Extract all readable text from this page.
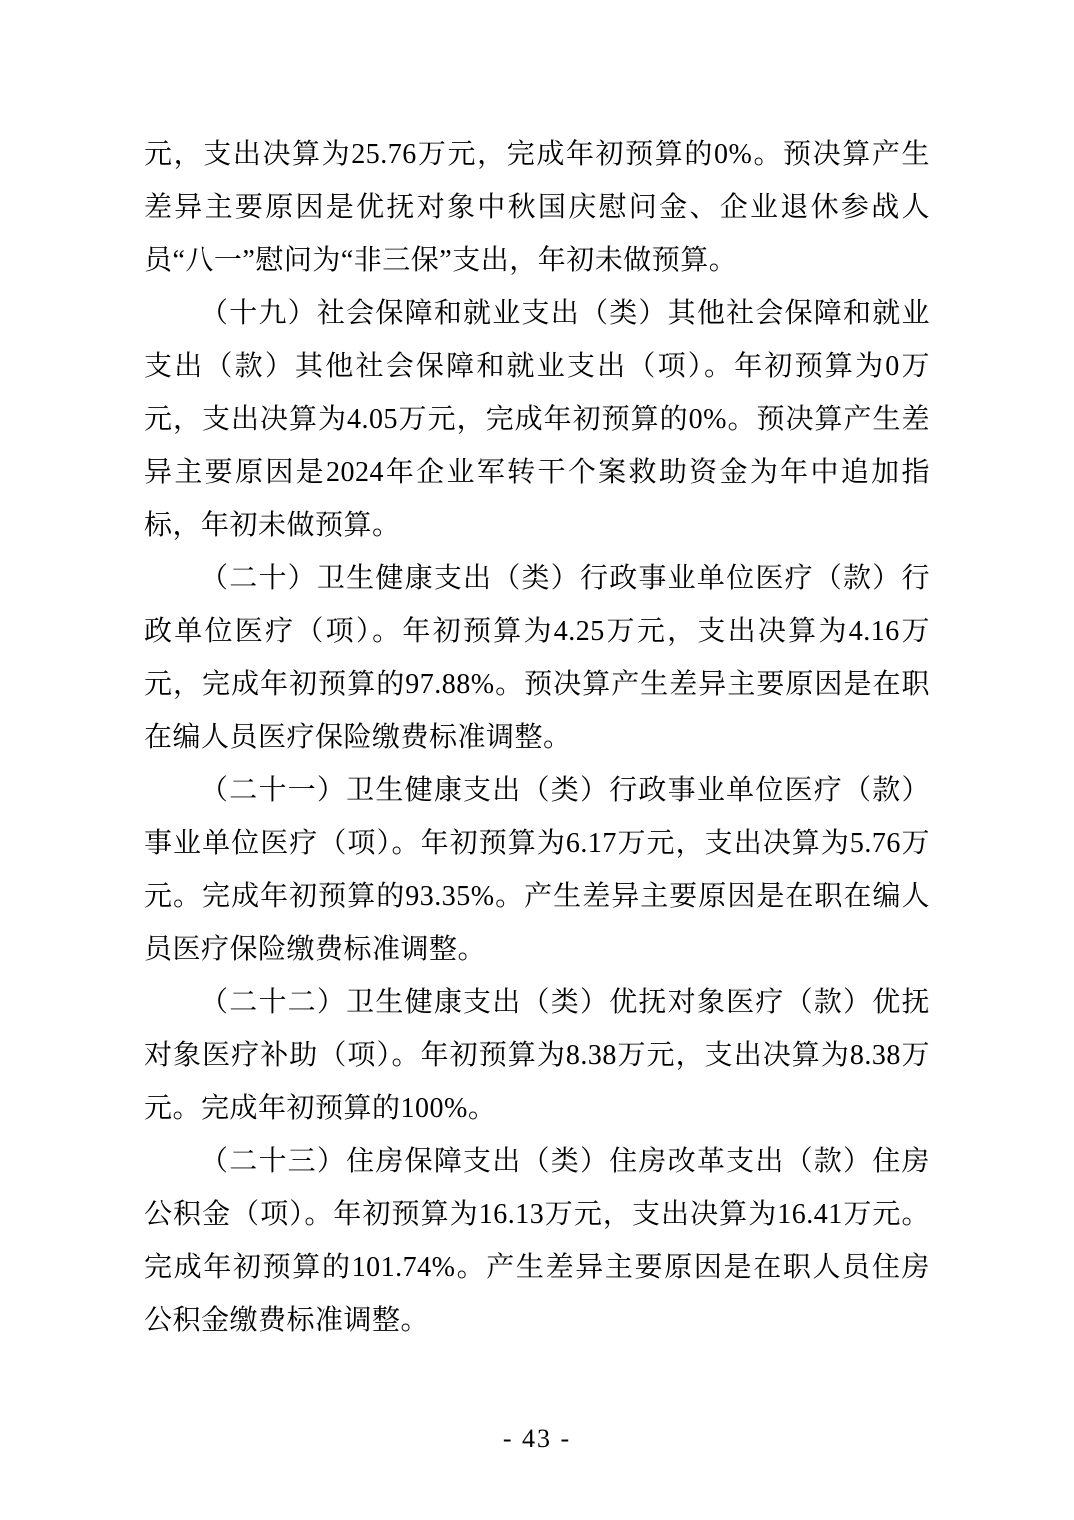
元，支出决算为25.76万元，完成年初预算的0%。预决算产生差异主要原因是优抚对象中秋国庆慰问金、企业退休参战人员“八一”慰问为“非三保”支出，年初未做预算。

（十九）社会保障和就业支出（类）其他社会保障和就业支出（款）其他社会保障和就业支出（项）。年初预算为0万元，支出决算为4.05万元，完成年初预算的0%。预决算产生差异主要原因是2024年企业军转干个案救助资金为年中追加指标，年初未做预算。

（二十）卫生健康支出（类）行政事业单位医疗（款）行政单位医疗（项）。年初预算为4.25万元，支出决算为4.16万元，完成年初预算的97.88%。预决算产生差异主要原因是在职在编人员医疗保险缴费标准调整。

（二十一）卫生健康支出（类）行政事业单位医疗（款）事业单位医疗（项）。年初预算为6.17万元，支出决算为5.76万元。完成年初预算的93.35%。产生差异主要原因是在职在编人员医疗保险缴费标准调整。

（二十二）卫生健康支出（类）优抚对象医疗（款）优抚对象医疗补助（项）。年初预算为8.38万元，支出决算为8.38万元。完成年初预算的100%。

（二十三）住房保障支出（类）住房改革支出（款）住房公积金（项）。年初预算为16.13万元，支出决算为16.41万元。完成年初预算的101.74%。产生差异主要原因是在职人员住房公积金缴费标准调整。

- 43 -
